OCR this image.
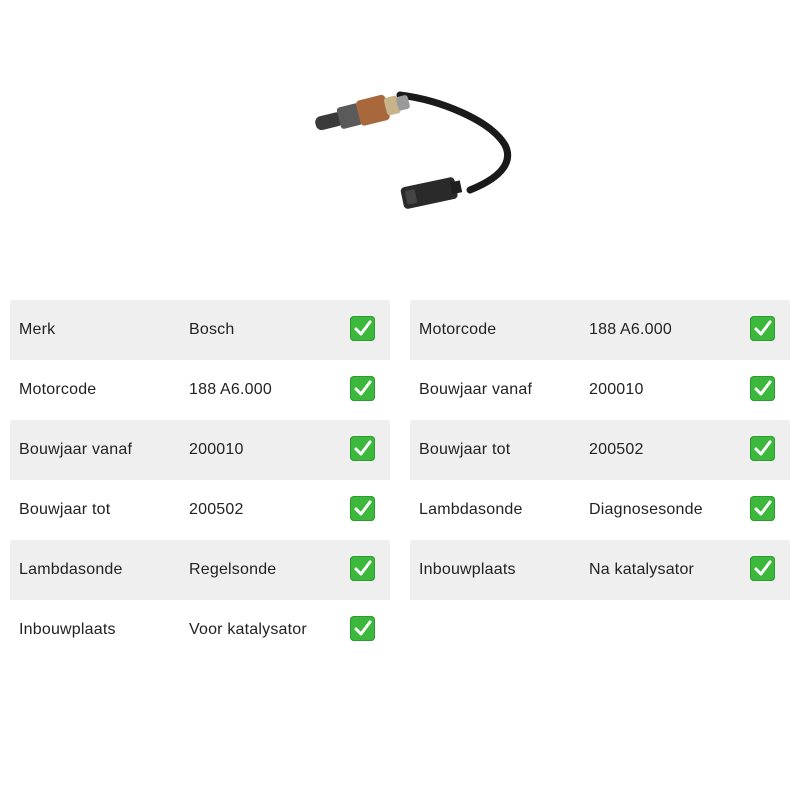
Merk	Bosch
Motorcode	188 A6.000
Bouwjaar vanaf	200010
Bouwjaar tot	200502
Lambdasonde	Regelsonde
Inbouwplaats	Voor katalysator
Motorcode	188 A6.000
Bouwjaar vanaf	200010
Bouwjaar tot	200502
Lambdasonde	Diagnosesonde
Inbouwplaats	Na katalysator
